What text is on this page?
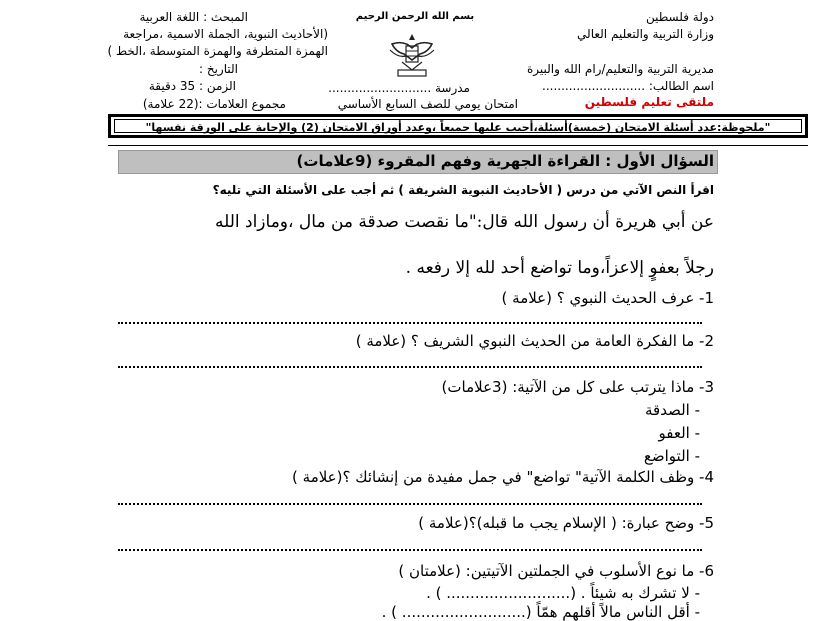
دولة فلسطين
وزارة التربية والتعليم العالي
مديرية التربية والتعليم/رام الله والبيرة
اسم الطالب: ...........................
ملتقى تعليم فلسطين
بسم الله الرحمن الرحيم
مدرسة ...........................
امتحان يومي للصف السابع الأساسي
المبحث : اللغة العربية
(الأحاديث النبوية، الجملة الاسمية ،مراجعة
الهمزة المتطرفة والهمزة المتوسطة ،الخط )
التاريخ :
الزمن : 35 دقيقة
مجموع العلامات :(22 علامة)
"ملحوظة:عدد أسئلة الامتحان (خمسة)أسئلة،أجيب عليها جميعاً ،وعدد أوراق الامتحان (2) والإجابة على الورقة نفسها"
السؤال الأول : القراءة الجهرية وفهم المقروء (9علامات)
اقرأ النص الآتي من درس ( الأحاديث النبوية الشريفة ) ثم أجب على الأسئلة التي تليه؟
عن أبي هريرة أن رسول الله قال:"ما نقصت صدقة من مال ،ومازاد الله
رجلاً بعفوٍ إلاعزاً،وما تواضع أحد لله إلا رفعه .
1- عرف الحديث النبوي ؟ (علامة )
2- ما الفكرة العامة من الحديث النبوي الشريف ؟ (علامة )
3- ماذا يترتب على كل من الآتية: (3علامات)
- الصدقة
- العفو
- التواضع
4- وظف الكلمة الآتية" تواضع" في جمل مفيدة من إنشائك ؟(علامة )
5- وضح عبارة: ( الإسلام يجب ما قبله)؟(علامة )
6- ما نوع الأسلوب في الجملتين الآتيتين: (علامتان )
- لا تشرك به شيئاً . (.......................... ) .
- أقل الناس مالاً أقلهم همّاً (.......................... ) .
